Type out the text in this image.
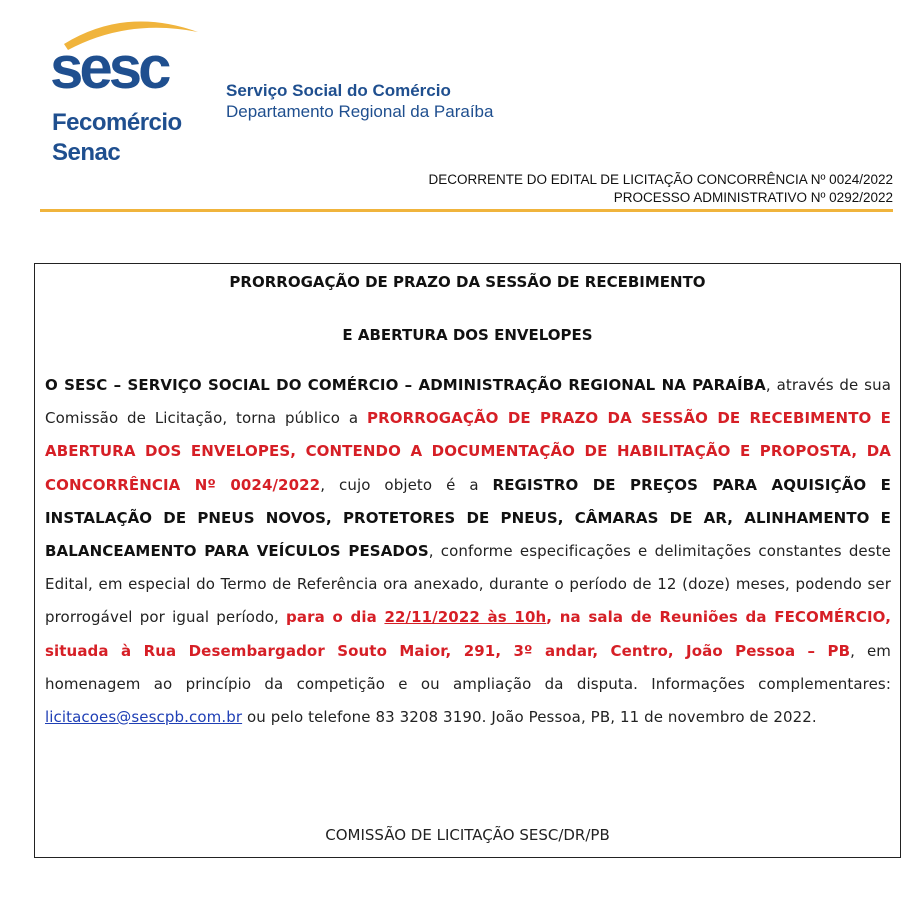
sesc
Fecomércio
Senac
Serviço Social do Comércio
Departamento Regional da Paraíba
DECORRENTE DO EDITAL DE LICITAÇÃO CONCORRÊNCIA Nº 0024/2022
PROCESSO ADMINISTRATIVO Nº 0292/2022
PRORROGAÇÃO DE PRAZO DA SESSÃO DE RECEBIMENTO
E ABERTURA DOS ENVELOPES
O SESC – SERVIÇO SOCIAL DO COMÉRCIO – ADMINISTRAÇÃO REGIONAL NA PARAÍBA, através de sua Comissão de Licitação, torna público a PRORROGAÇÃO DE PRAZO DA SESSÃO DE RECEBIMENTO E ABERTURA DOS ENVELOPES, CONTENDO A DOCUMENTAÇÃO DE HABILITAÇÃO E PROPOSTA, DA CONCORRÊNCIA Nº 0024/2022, cujo objeto é a REGISTRO DE PREÇOS PARA AQUISIÇÃO E INSTALAÇÃO DE PNEUS NOVOS, PROTETORES DE PNEUS, CÂMARAS DE AR, ALINHAMENTO E BALANCEAMENTO PARA VEÍCULOS PESADOS, conforme especificações e delimitações constantes deste Edital, em especial do Termo de Referência ora anexado, durante o período de 12 (doze) meses, podendo ser prorrogável por igual período, para o dia 22/11/2022 às 10h, na sala de Reuniões da FECOMÉRCIO, situada à Rua Desembargador Souto Maior, 291, 3º andar, Centro, João Pessoa – PB, em homenagem ao princípio da competição e ou ampliação da disputa. Informações complementares: licitacoes@sescpb.com.br ou pelo telefone 83 3208 3190. João Pessoa, PB, 11 de novembro de 2022.
COMISSÃO DE LICITAÇÃO SESC/DR/PB
